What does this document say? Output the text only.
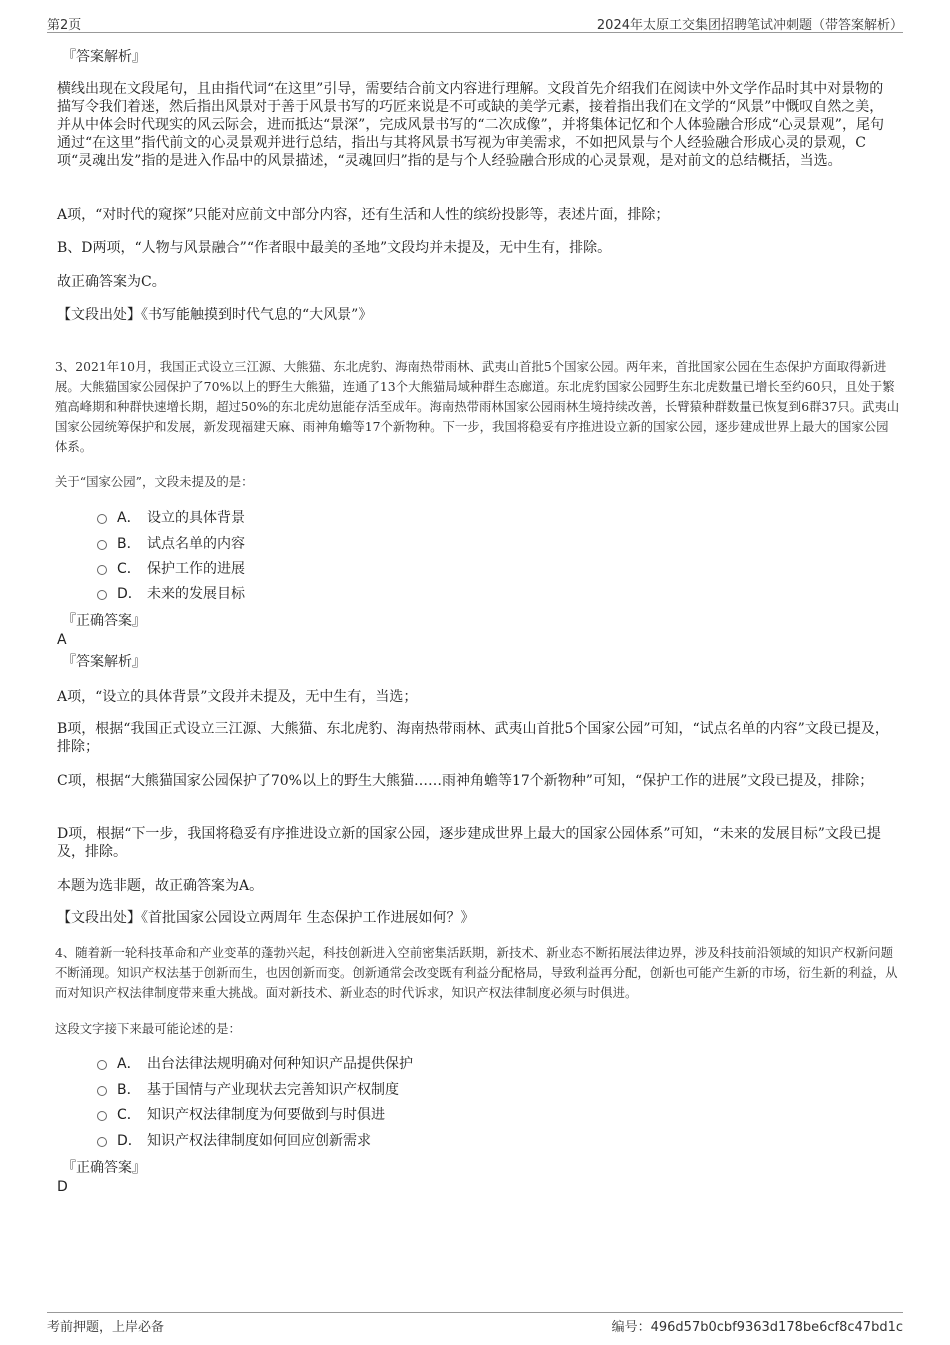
第2页	2024年太原工交集团招聘笔试冲刺题（带答案解析）
『答案解析』
横线出现在文段尾句，且由指代词“在这里”引导，需要结合前文内容进行理解。文段首先介绍我们在阅读中外文学作品时其中对景物的描写令我们着迷，然后指出风景对于善于风景书写的巧匠来说是不可或缺的美学元素，接着指出我们在文学的“风景”中慨叹自然之美，并从中体会时代现实的风云际会，进而抵达“景深”，完成风景书写的“二次成像”，并将集体记忆和个人体验融合形成“心灵景观”，尾句通过“在这里”指代前文的心灵景观并进行总结，指出与其将风景书写视为审美需求，不如把风景与个人经验融合形成心灵的景观，C项“灵魂出发”指的是进入作品中的风景描述，“灵魂回归”指的是与个人经验融合形成的心灵景观，是对前文的总结概括，当选。
A项，“对时代的窥探”只能对应前文中部分内容，还有生活和人性的缤纷投影等，表述片面，排除；
B、D两项，“人物与风景融合”“作者眼中最美的圣地”文段均并未提及，无中生有，排除。
故正确答案为C。
【文段出处】《书写能触摸到时代气息的“大风景”》
3、2021年10月，我国正式设立三江源、大熊猫、东北虎豹、海南热带雨林、武夷山首批5个国家公园。两年来，首批国家公园在生态保护方面取得新进展。大熊猫国家公园保护了70%以上的野生大熊猫，连通了13个大熊猫局域种群生态廊道。东北虎豹国家公园野生东北虎数量已增长至约60只，且处于繁殖高峰期和种群快速增长期，超过50%的东北虎幼崽能存活至成年。海南热带雨林国家公园雨林生境持续改善，长臂猿种群数量已恢复到6群37只。武夷山国家公园统筹保护和发展，新发现福建天麻、雨神角蟾等17个新物种。下一步，我国将稳妥有序推进设立新的国家公园，逐步建成世界上最大的国家公园体系。
关于“国家公园”，文段未提及的是：
A． 设立的具体背景
B． 试点名单的内容
C． 保护工作的进展
D． 未来的发展目标
『正确答案』
A
『答案解析』
A项，“设立的具体背景”文段并未提及，无中生有，当选；
B项，根据“我国正式设立三江源、大熊猫、东北虎豹、海南热带雨林、武夷山首批5个国家公园”可知，“试点名单的内容”文段已提及，排除；
C项，根据“大熊猫国家公园保护了70%以上的野生大熊猫……雨神角蟾等17个新物种”可知，“保护工作的进展”文段已提及，排除；
D项，根据“下一步，我国将稳妥有序推进设立新的国家公园，逐步建成世界上最大的国家公园体系”可知，“未来的发展目标”文段已提及，排除。
本题为选非题，故正确答案为A。
【文段出处】《首批国家公园设立两周年 生态保护工作进展如何？》
4、随着新一轮科技革命和产业变革的蓬勃兴起，科技创新进入空前密集活跃期，新技术、新业态不断拓展法律边界，涉及科技前沿领域的知识产权新问题不断涌现。知识产权法基于创新而生，也因创新而变。创新通常会改变既有利益分配格局，导致利益再分配，创新也可能产生新的市场，衍生新的利益，从而对知识产权法律制度带来重大挑战。面对新技术、新业态的时代诉求，知识产权法律制度必须与时俱进。
这段文字接下来最可能论述的是：
A． 出台法律法规明确对何种知识产品提供保护
B． 基于国情与产业现状去完善知识产权制度
C． 知识产权法律制度为何要做到与时俱进
D． 知识产权法律制度如何回应创新需求
『正确答案』
D
考前押题，上岸必备	编号：496d57b0cbf9363d178be6cf8c47bd1c
